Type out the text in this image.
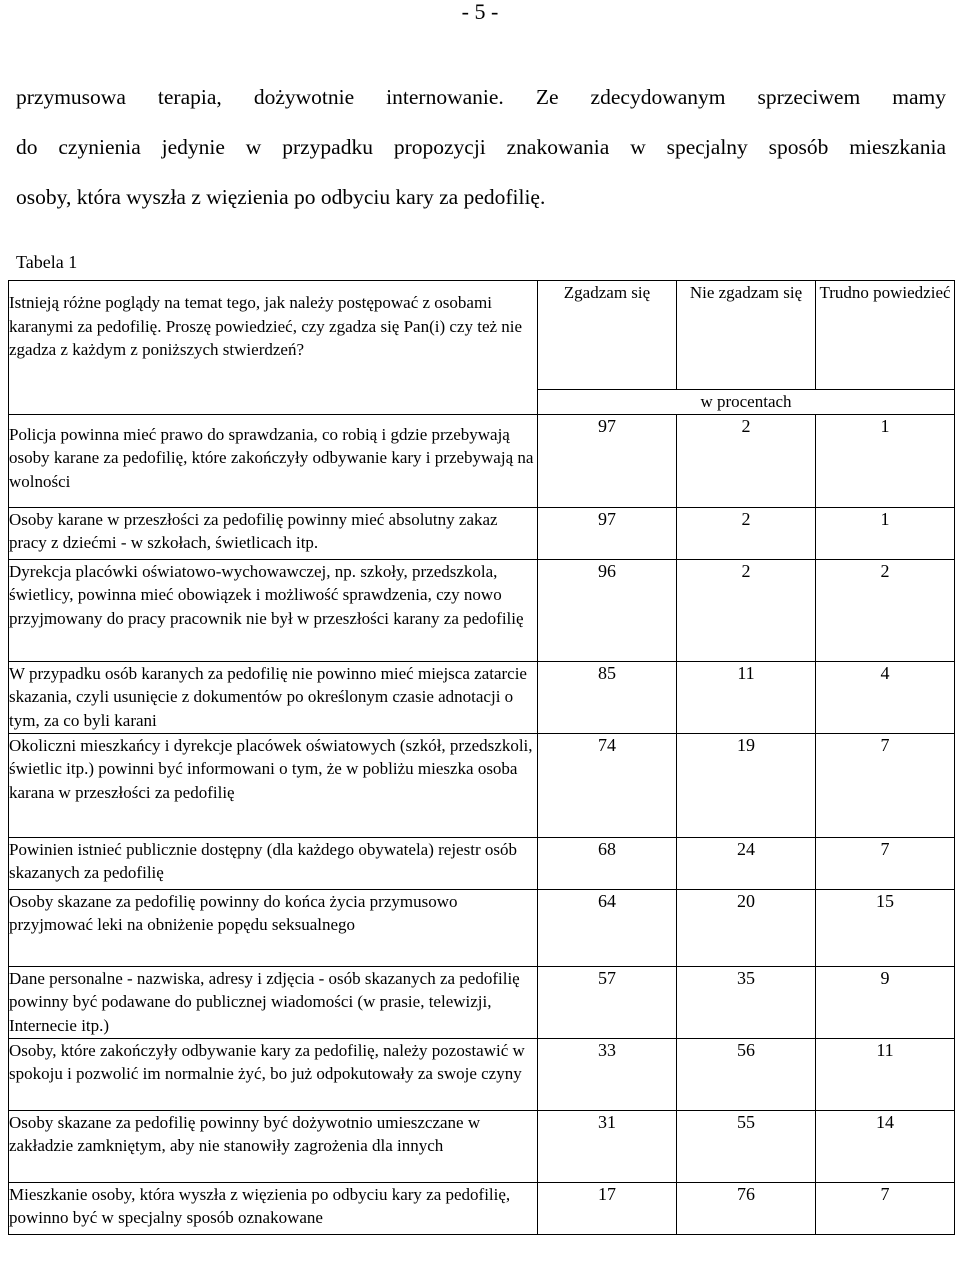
- 5 -
przymusowa terapia, dożywotnie internowanie. Ze zdecydowanym sprzeciwem mamy
do czynienia jedynie w przypadku propozycji znakowania w specjalny sposób mieszkania
osoby, która wyszła z więzienia po odbyciu kary za pedofilię.
Tabela 1
Istnieją różne poglądy na temat tego, jak należy postępować z osobami karanymi za pedofilię. Proszę powiedzieć, czy zgadza się Pan(i) czy też nie zgadza z każdym z poniższych stwierdzeń?	Zgadzam się	Nie zgadzam się	Trudno powiedzieć
	w procentach		
Policja powinna mieć prawo do sprawdzania, co robią i gdzie przebywają osoby karane za pedofilię, które zakończyły odbywanie kary i przebywają na wolności	97	2	1
Osoby karane w przeszłości za pedofilię powinny mieć absolutny zakaz pracy z dziećmi - w szkołach, świetlicach itp.	97	2	1
Dyrekcja placówki oświatowo-wychowawczej, np. szkoły, przedszkola, świetlicy, powinna mieć obowiązek i możliwość sprawdzenia, czy nowo przyjmowany do pracy pracownik nie był w przeszłości karany za pedofilię	96	2	2
W przypadku osób karanych za pedofilię nie powinno mieć miejsca zatarcie skazania, czyli usunięcie z dokumentów po określonym czasie adnotacji o tym, za co byli karani	85	11	4
Okoliczni mieszkańcy i dyrekcje placówek oświatowych (szkół, przedszkoli, świetlic itp.) powinni być informowani o tym, że w pobliżu mieszka osoba karana w przeszłości za pedofilię	74	19	7
Powinien istnieć publicznie dostępny (dla każdego obywatela) rejestr osób skazanych za pedofilię	68	24	7
Osoby skazane za pedofilię powinny do końca życia przymusowo przyjmować leki na obniżenie popędu seksualnego	64	20	15
Dane personalne - nazwiska, adresy i zdjęcia - osób skazanych za pedofilię powinny być podawane do publicznej wiadomości (w prasie, telewizji, Internecie itp.)	57	35	9
Osoby, które zakończyły odbywanie kary za pedofilię, należy pozostawić w spokoju i pozwolić im normalnie żyć, bo już odpokutowały za swoje czyny	33	56	11
Osoby skazane za pedofilię powinny być dożywotnio umieszczane w zakładzie zamkniętym, aby nie stanowiły zagrożenia dla innych	31	55	14
Mieszkanie osoby, która wyszła z więzienia po odbyciu kary za pedofilię, powinno być w specjalny sposób oznakowane	17	76	7
